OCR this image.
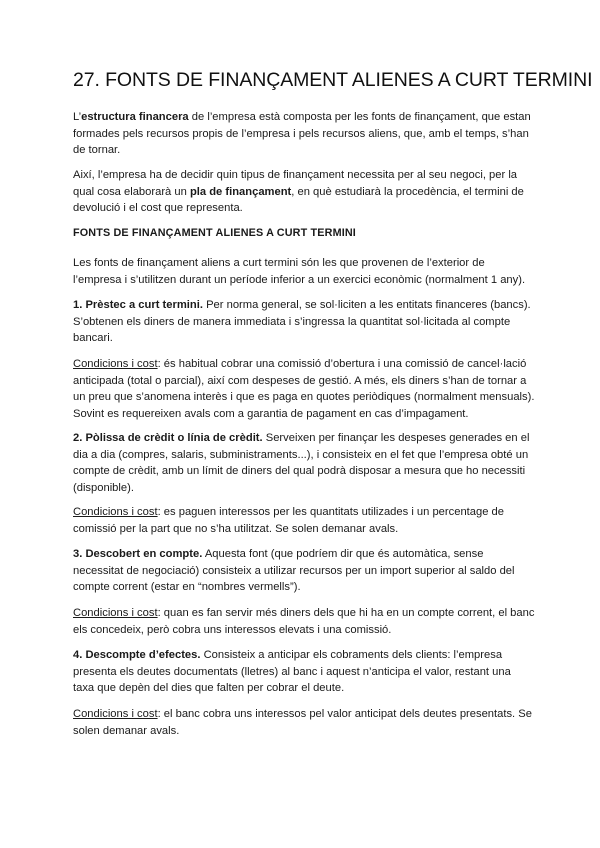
27. FONTS DE FINANÇAMENT ALIENES A CURT TERMINI

L’estructura financera de l’empresa està composta per les fonts de finançament, que estan formades pels recursos propis de l’empresa i pels recursos aliens, que, amb el temps, s’han de tornar.

Així, l’empresa ha de decidir quin tipus de finançament necessita per al seu negoci, per la qual cosa elaborarà un pla de finançament, en què estudiarà la procedència, el termini de devolució i el cost que representa.

FONTS DE FINANÇAMENT ALIENES A CURT TERMINI

Les fonts de finançament aliens a curt termini són les que provenen de l’exterior de l’empresa i s’utilitzen durant un període inferior a un exercici econòmic (normalment 1 any).

1. Prèstec a curt termini. Per norma general, se sol·liciten a les entitats financeres (bancs). S’obtenen els diners de manera immediata i s’ingressa la quantitat sol·licitada al compte bancari.

Condicions i cost: és habitual cobrar una comissió d’obertura i una comissió de cancel·lació anticipada (total o parcial), així com despeses de gestió. A més, els diners s’han de tornar a un preu que s’anomena interès i que es paga en quotes periòdiques (normalment mensuals). Sovint es requereixen avals com a garantia de pagament en cas d’impagament.

2. Pòlissa de crèdit o línia de crèdit. Serveixen per finançar les despeses generades en el dia a dia (compres, salaris, subministraments...), i consisteix en el fet que l’empresa obté un compte de crèdit, amb un límit de diners del qual podrà disposar a mesura que ho necessiti (disponible).

Condicions i cost: es paguen interessos per les quantitats utilizades i un percentage de comissió per la part que no s’ha utilitzat. Se solen demanar avals.

3. Descobert en compte. Aquesta font (que podríem dir que és automàtica, sense necessitat de negociació) consisteix a utilizar recursos per un import superior al saldo del compte corrent (estar en “nombres vermells”).

Condicions i cost: quan es fan servir més diners dels que hi ha en un compte corrent, el banc els concedeix, però cobra uns interessos elevats i una comissió.

4. Descompte d’efectes. Consisteix a anticipar els cobraments dels clients: l’empresa presenta els deutes documentats (lletres) al banc i aquest n’anticipa el valor, restant una taxa que depèn del dies que falten per cobrar el deute.

Condicions i cost: el banc cobra uns interessos pel valor anticipat dels deutes presentats. Se solen demanar avals.
